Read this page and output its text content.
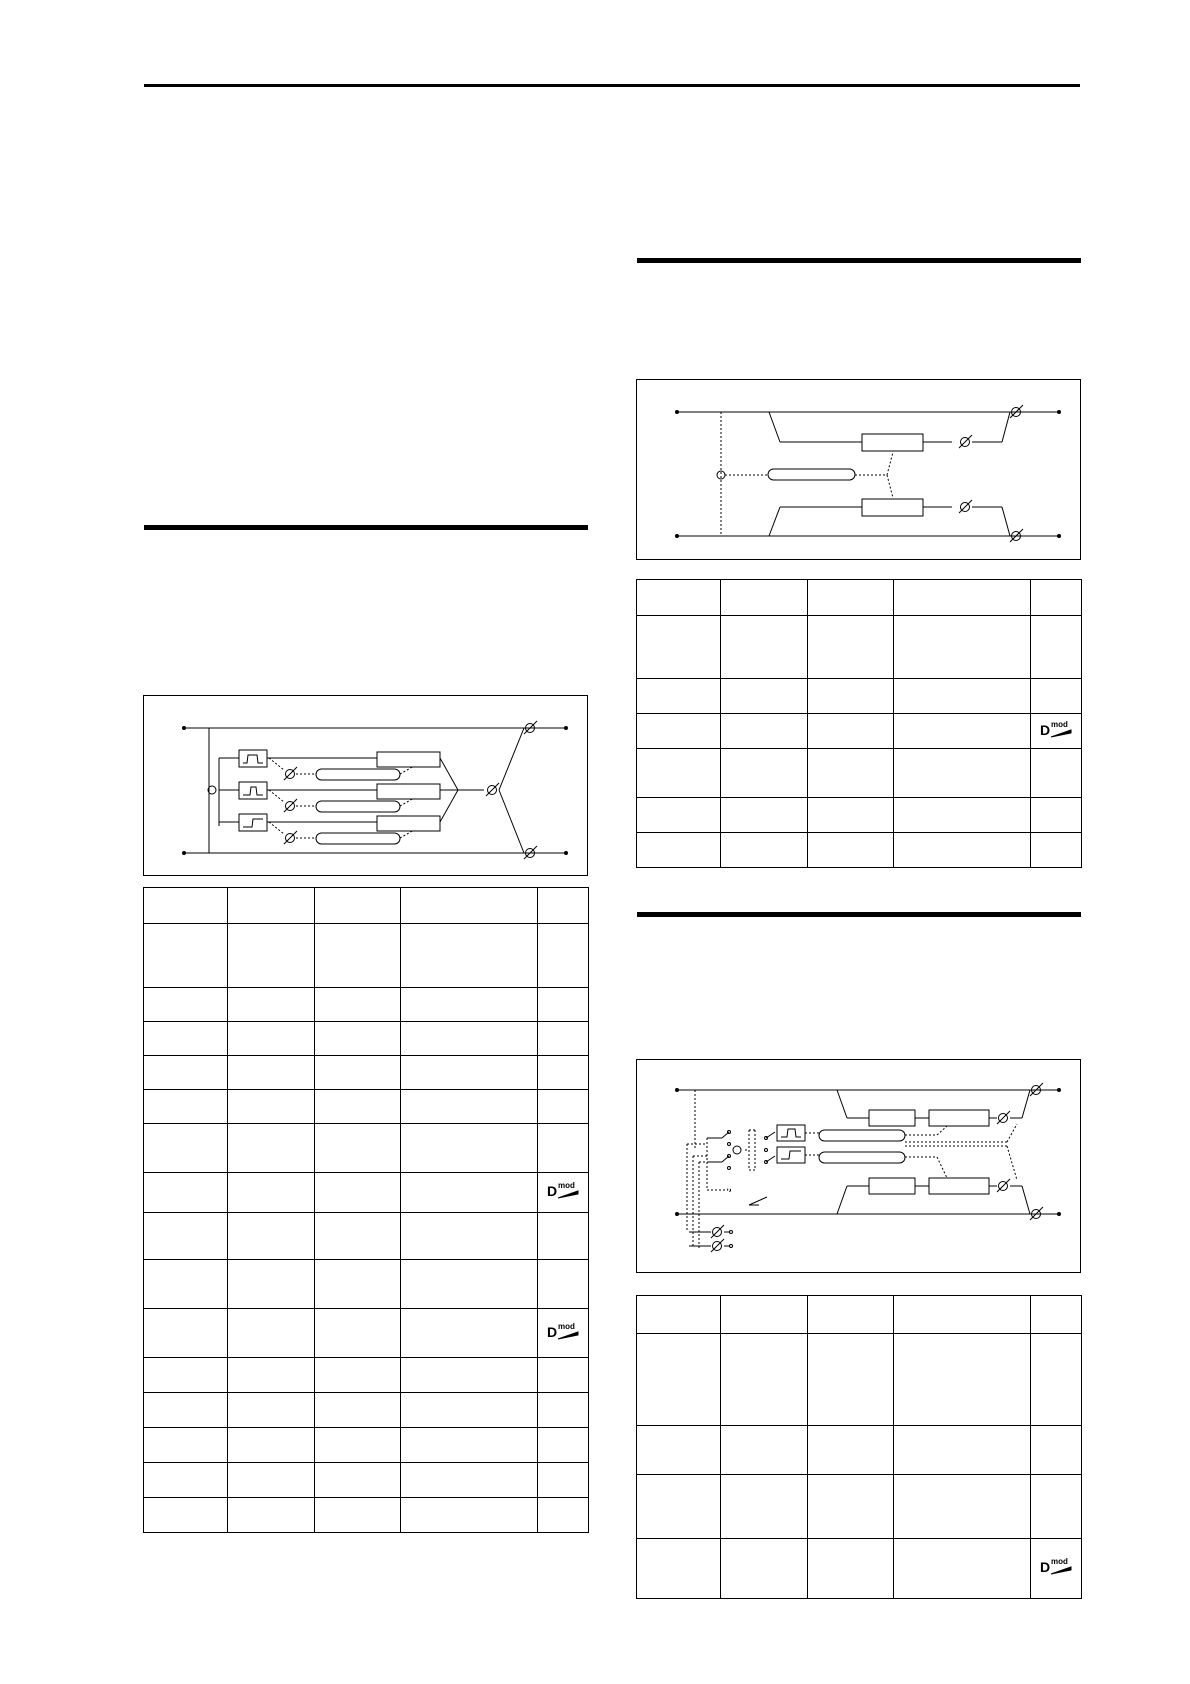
				D mod

				D mod

				D mod

				D mod
